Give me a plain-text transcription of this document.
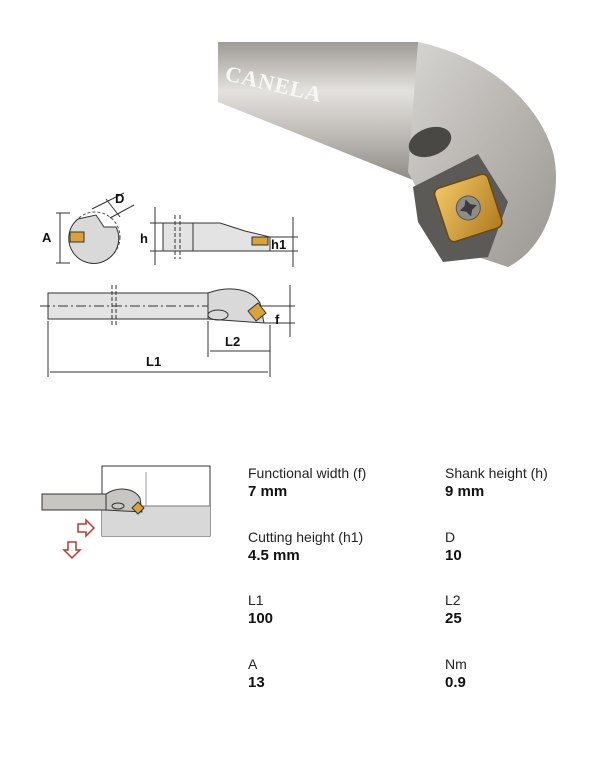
CANELA
D
A	h	h1
f
L2
L1
Functional width (f)
7 mm
Shank height (h)
9 mm
Cutting height (h1)
4.5 mm
D
10
L1
100
L2
25
A
13
Nm
0.9
